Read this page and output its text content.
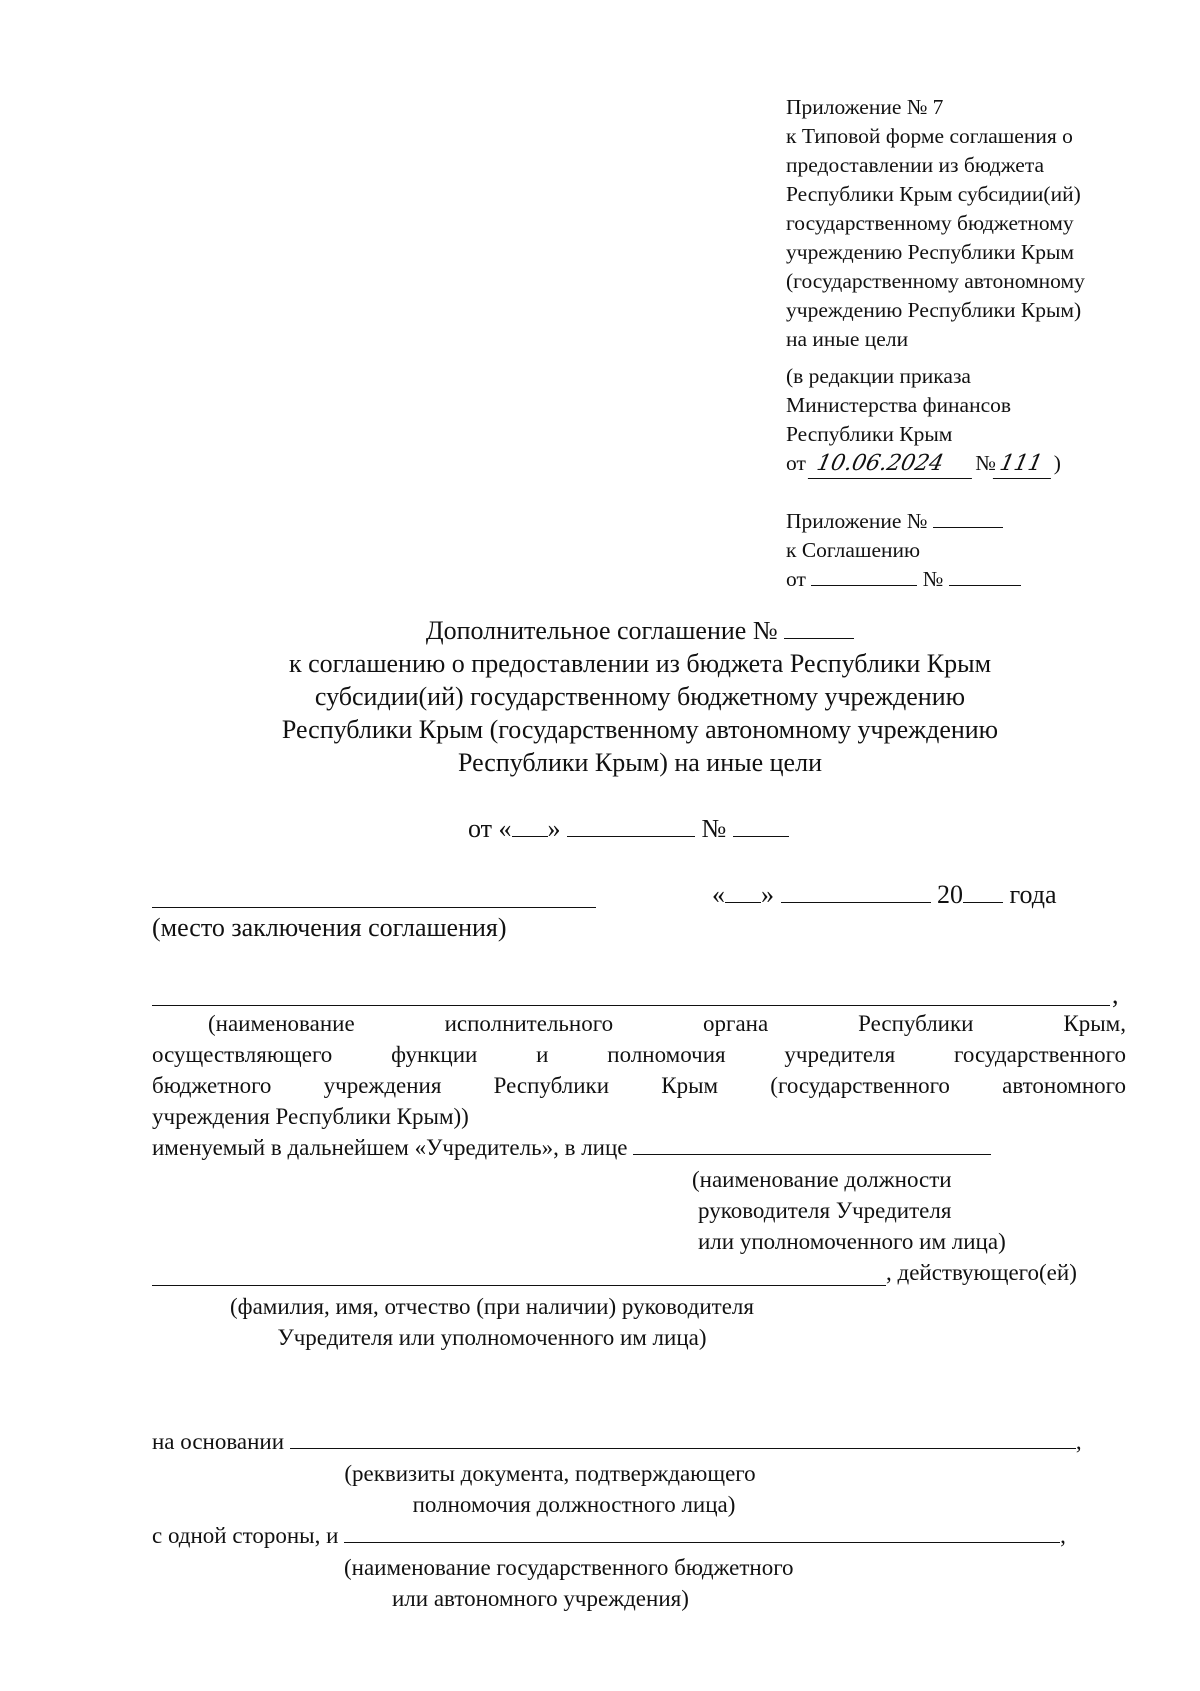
Приложение № 7
к Типовой форме соглашения о
предоставлении из бюджета
Республики Крым субсидии(ий)
государственному бюджетному
учреждению Республики Крым
(государственному автономному
учреждению Республики Крым)
на иные цели
(в редакции приказа
Министерства финансов
Республики Крым
от 10.06.2024 №111 )
Приложение №
к Соглашению
от	№
Дополнительное соглашение №
к соглашению о предоставлении из бюджета Республики Крым
субсидии(ий) государственному бюджетному учреждению
Республики Крым (государственному автономному учреждению
Республики Крым) на иные цели
от « »	№
(место заключения соглашения)
« »	20 года
,
(наименование исполнительного органа Республики Крым,
осуществляющего функции и полномочия учредителя государственного
бюджетного учреждения Республики Крым (государственного автономного
учреждения Республики Крым))
именуемый в дальнейшем «Учредитель», в лице
(наименование должности
руководителя Учредителя
или уполномоченного им лица)
, действующего(ей)
(фамилия, имя, отчество (при наличии) руководителя
Учредителя или уполномоченного им лица)
на основании	,
(реквизиты документа, подтверждающего
полномочия должностного лица)
с одной стороны, и	,
(наименование государственного бюджетного
или автономного учреждения)
